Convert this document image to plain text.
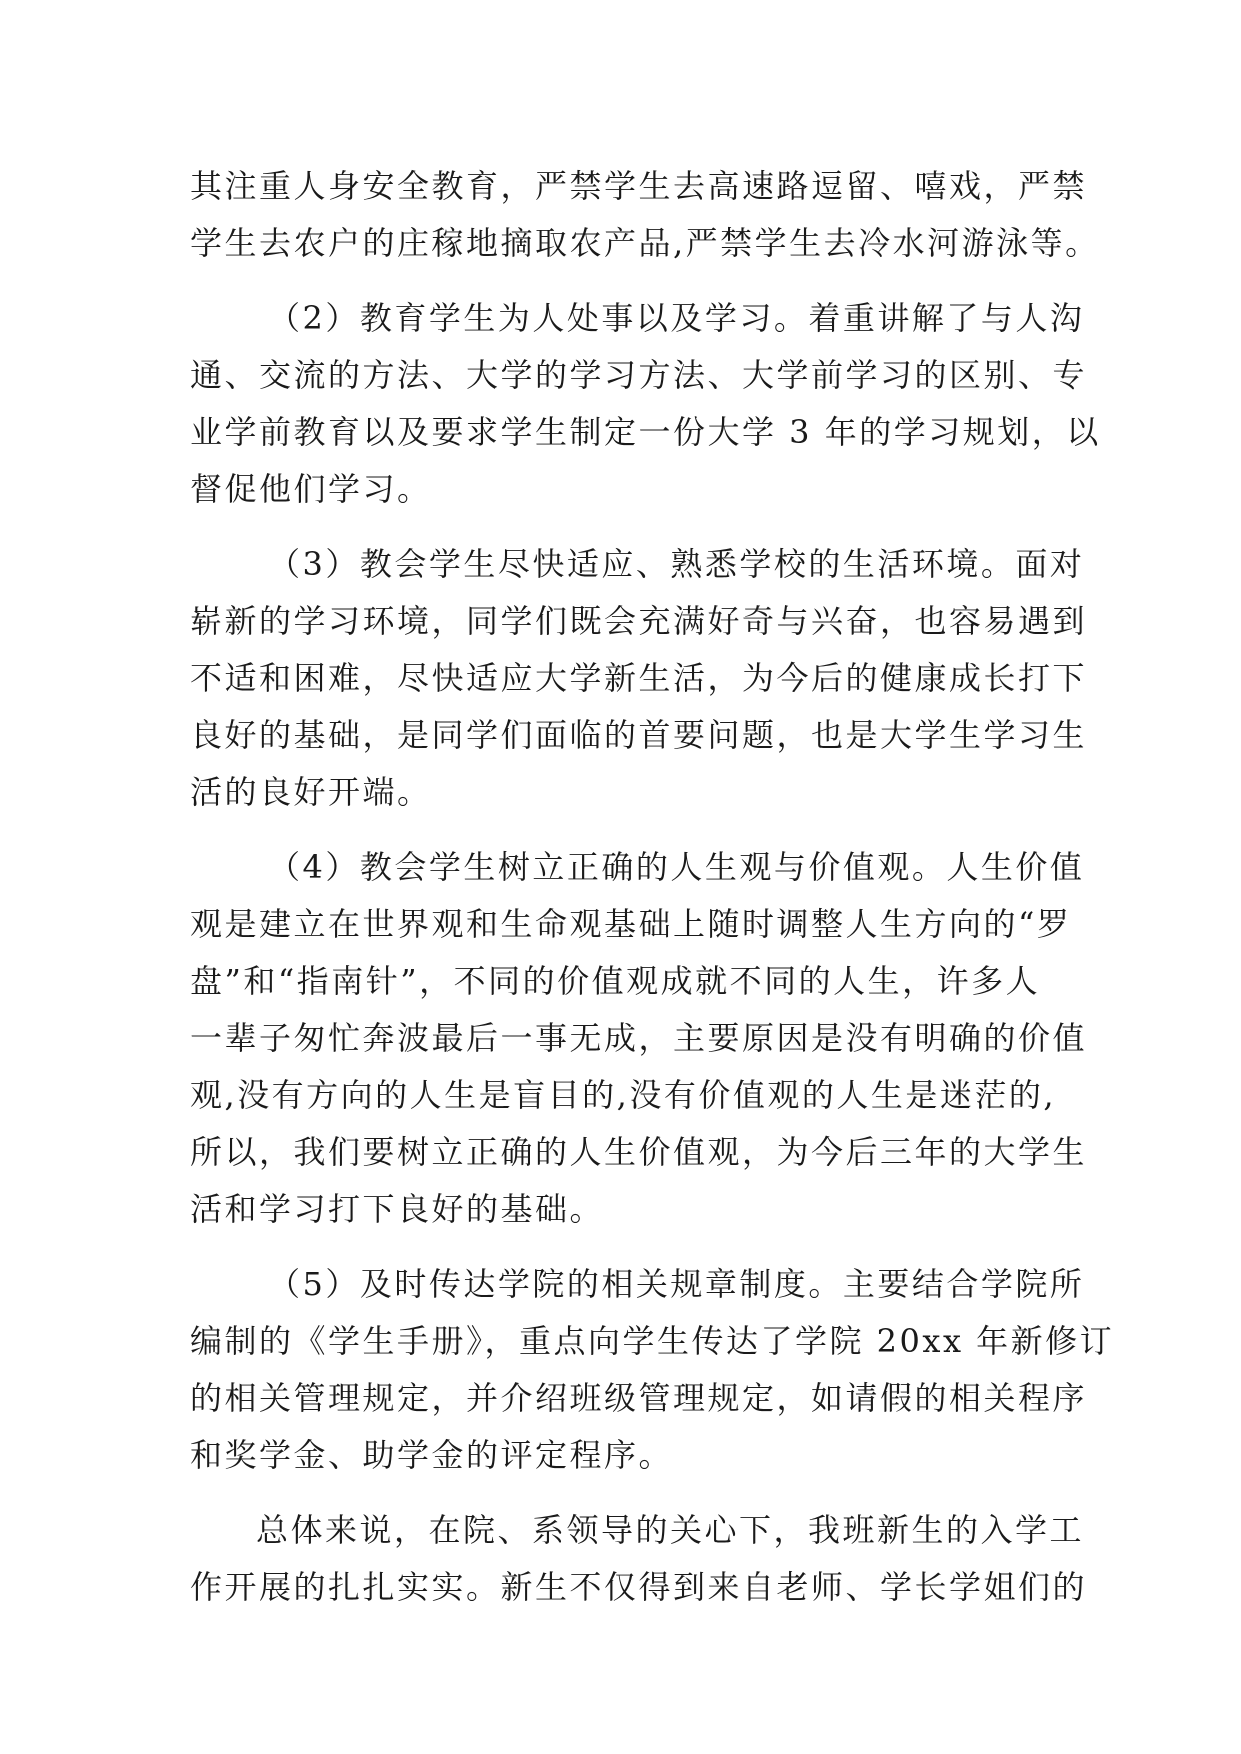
其注重人身安全教育，严禁学生去高速路逗留、嘻戏，严禁
学生去农户的庄稼地摘取农产品,严禁学生去冷水河游泳等。
（2）教育学生为人处事以及学习。着重讲解了与人沟
通、交流的方法、大学的学习方法、大学前学习的区别、专
业学前教育以及要求学生制定一份大学 3 年的学习规划，以
督促他们学习。
（3）教会学生尽快适应、熟悉学校的生活环境。面对
崭新的学习环境，同学们既会充满好奇与兴奋，也容易遇到
不适和困难，尽快适应大学新生活，为今后的健康成长打下
良好的基础，是同学们面临的首要问题，也是大学生学习生
活的良好开端。
（4）教会学生树立正确的人生观与价值观。人生价值
观是建立在世界观和生命观基础上随时调整人生方向的“罗
盘”和“指南针”，不同的价值观成就不同的人生，许多人
一辈子匆忙奔波最后一事无成，主要原因是没有明确的价值
观,没有方向的人生是盲目的,没有价值观的人生是迷茫的,
所以，我们要树立正确的人生价值观，为今后三年的大学生
活和学习打下良好的基础。
（5）及时传达学院的相关规章制度。主要结合学院所
编制的《学生手册》，重点向学生传达了学院 20xx 年新修订
的相关管理规定，并介绍班级管理规定，如请假的相关程序
和奖学金、助学金的评定程序。
总体来说，在院、系领导的关心下，我班新生的入学工
作开展的扎扎实实。新生不仅得到来自老师、学长学姐们的
